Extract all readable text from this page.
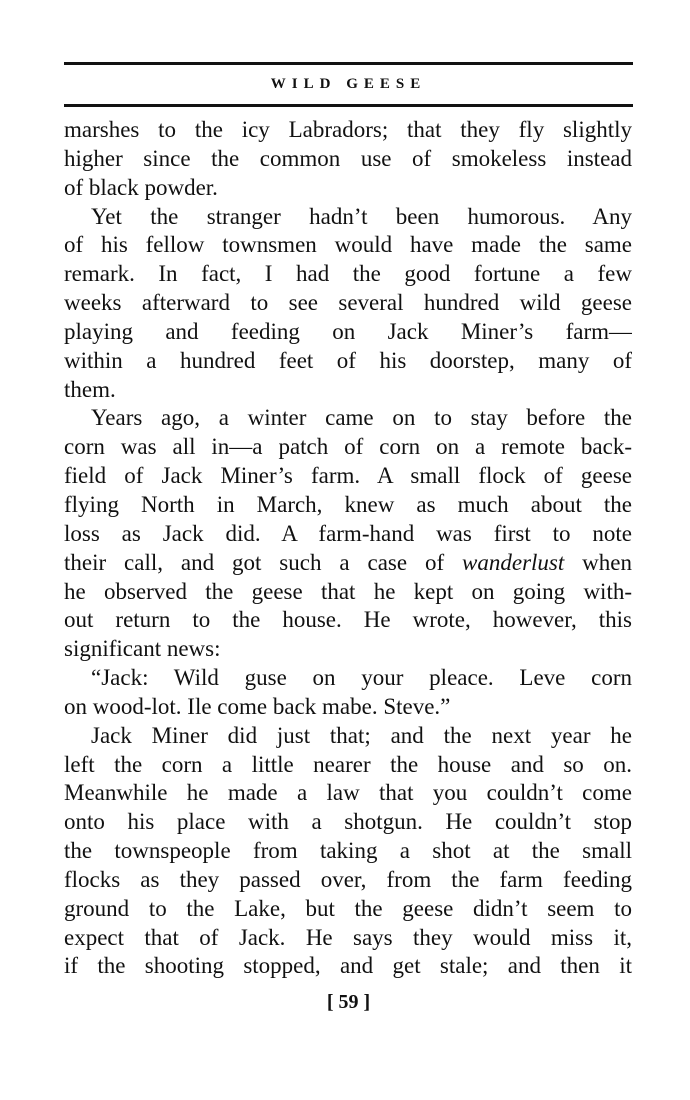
WILD GEESE
marshes to the icy Labradors; that they fly slightly
higher since the common use of smokeless instead
of black powder.
Yet the stranger hadn’t been humorous. Any
of his fellow townsmen would have made the same
remark. In fact, I had the good fortune a few
weeks afterward to see several hundred wild geese
playing and feeding on Jack Miner’s farm—
within a hundred feet of his doorstep, many of
them.
Years ago, a winter came on to stay before the
corn was all in—a patch of corn on a remote back-
field of Jack Miner’s farm. A small flock of geese
flying North in March, knew as much about the
loss as Jack did. A farm-hand was first to note
their call, and got such a case of wanderlust when
he observed the geese that he kept on going with-
out return to the house. He wrote, however, this
significant news:
“Jack: Wild guse on your pleace. Leve corn
on wood-lot. Ile come back mabe. Steve.”
Jack Miner did just that; and the next year he
left the corn a little nearer the house and so on.
Meanwhile he made a law that you couldn’t come
onto his place with a shotgun. He couldn’t stop
the townspeople from taking a shot at the small
flocks as they passed over, from the farm feeding
ground to the Lake, but the geese didn’t seem to
expect that of Jack. He says they would miss it,
if the shooting stopped, and get stale; and then it
[ 59 ]
